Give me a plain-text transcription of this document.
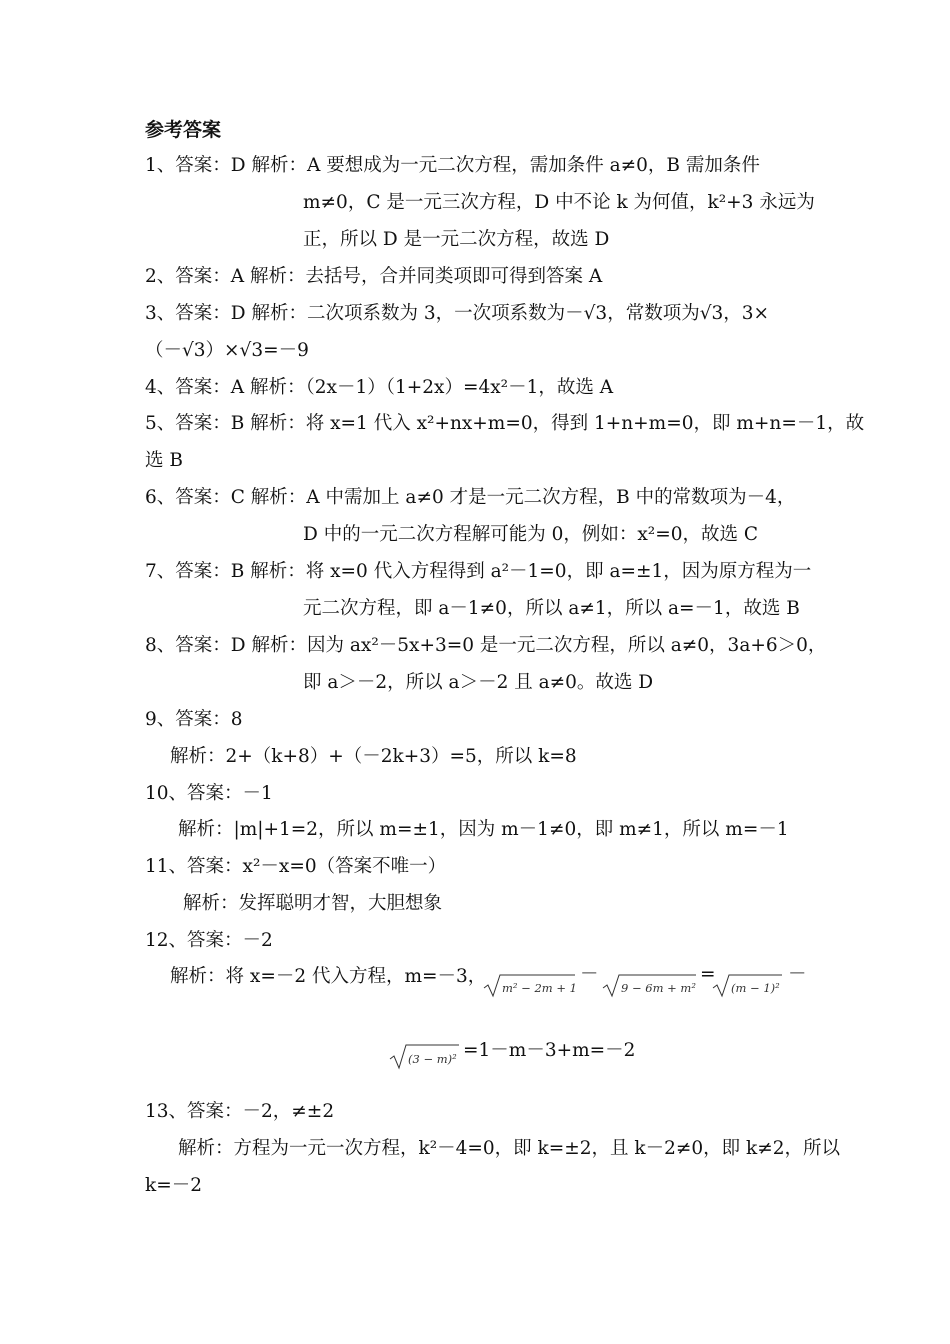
参考答案
1、答案：D 解析：A 要想成为一元二次方程，需加条件 a≠0，B 需加条件
m≠0，C 是一元三次方程，D 中不论 k 为何值，k²+3 永远为
正，所以 D 是一元二次方程，故选 D
2、答案：A 解析：去括号，合并同类项即可得到答案 A
3、答案：D 解析：二次项系数为 3，一次项系数为－√3，常数项为√3，3×
（－√3）×√3=－9
4、答案：A 解析：（2x－1）（1+2x）=4x²－1，故选 A
5、答案：B 解析：将 x=1 代入 x²+nx+m=0，得到 1+n+m=0，即 m+n=－1，故
选 B
6、答案：C 解析：A 中需加上 a≠0 才是一元二次方程，B 中的常数项为－4，
D 中的一元二次方程解可能为 0，例如：x²=0，故选 C
7、答案：B 解析：将 x=0 代入方程得到 a²－1=0，即 a=±1，因为原方程为一
元二次方程，即 a－1≠0，所以 a≠1，所以 a=－1，故选 B
8、答案：D 解析：因为 ax²－5x+3=0 是一元二次方程，所以 a≠0，3a+6＞0，
即 a＞－2，所以 a＞－2 且 a≠0。故选 D
9、答案：8
解析：2+（k+8）+（－2k+3）=5，所以 k=8
10、答案：－1
解析：|m|+1=2，所以 m=±1，因为 m－1≠0，即 m≠1，所以 m=－1
11、答案：x²－x=0（答案不唯一）
解析：发挥聪明才智，大胆想象
12、答案：－2
解析：将 x=－2 代入方程，m=－3，
m² − 2m + 1
－
9 − 6m + m²
=
(m − 1)²
－
(3 − m)² =1－m－3+m=－2
13、答案：－2，≠±2
解析：方程为一元一次方程，k²－4=0，即 k=±2，且 k－2≠0，即 k≠2，所以
k=－2
